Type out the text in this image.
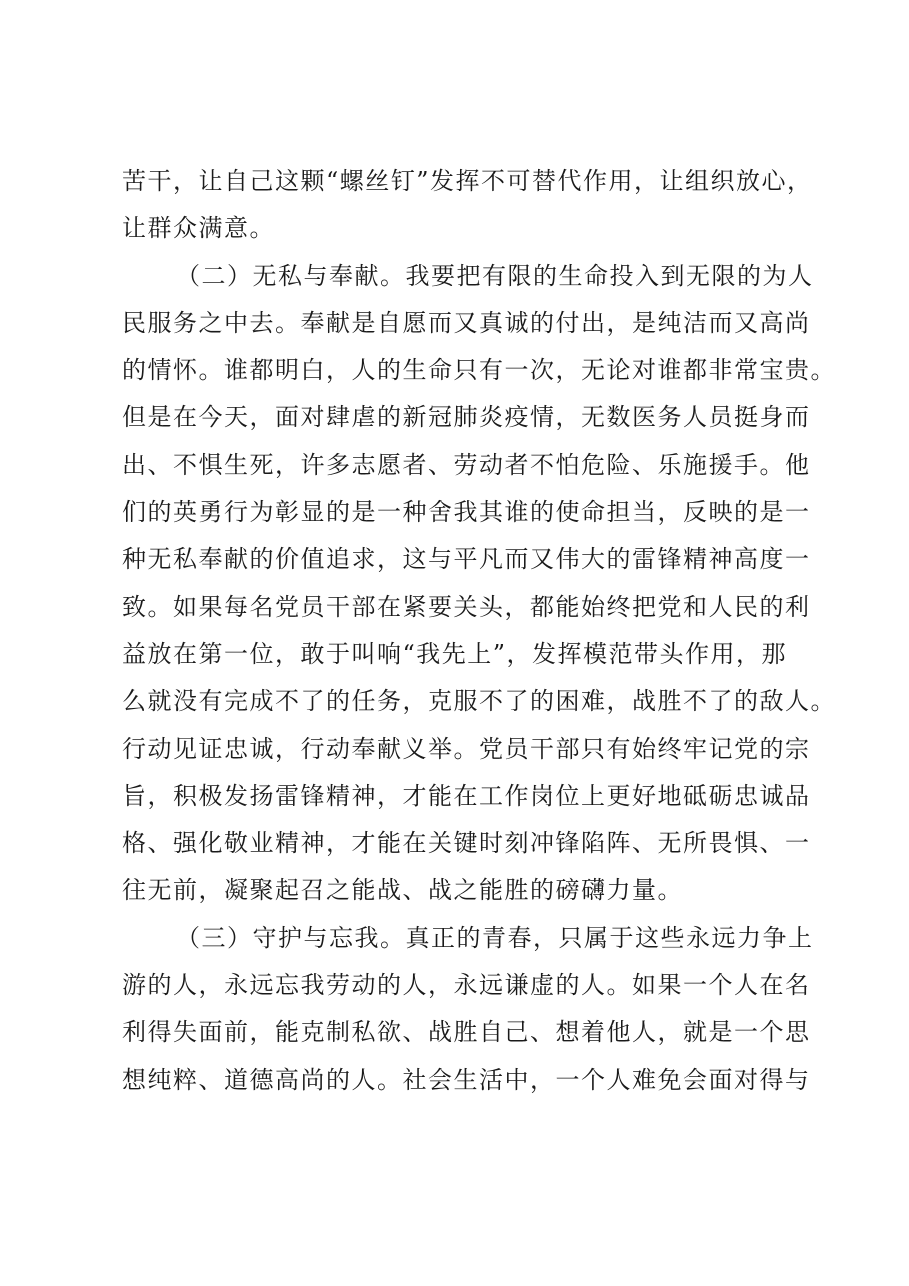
苦干，让自己这颗“螺丝钉”发挥不可替代作用，让组织放心，
让群众满意。
（二）无私与奉献。我要把有限的生命投入到无限的为人
民服务之中去。奉献是自愿而又真诚的付出，是纯洁而又高尚
的情怀。谁都明白，人的生命只有一次，无论对谁都非常宝贵。
但是在今天，面对肆虐的新冠肺炎疫情，无数医务人员挺身而
出、不惧生死，许多志愿者、劳动者不怕危险、乐施援手。他
们的英勇行为彰显的是一种舍我其谁的使命担当，反映的是一
种无私奉献的价值追求，这与平凡而又伟大的雷锋精神高度一
致。如果每名党员干部在紧要关头，都能始终把党和人民的利
益放在第一位，敢于叫响“我先上”，发挥模范带头作用，那
么就没有完成不了的任务，克服不了的困难，战胜不了的敌人。
行动见证忠诚，行动奉献义举。党员干部只有始终牢记党的宗
旨，积极发扬雷锋精神，才能在工作岗位上更好地砥砺忠诚品
格、强化敬业精神，才能在关键时刻冲锋陷阵、无所畏惧、一
往无前，凝聚起召之能战、战之能胜的磅礴力量。
（三）守护与忘我。真正的青春，只属于这些永远力争上
游的人，永远忘我劳动的人，永远谦虚的人。如果一个人在名
利得失面前，能克制私欲、战胜自己、想着他人，就是一个思
想纯粹、道德高尚的人。社会生活中，一个人难免会面对得与
